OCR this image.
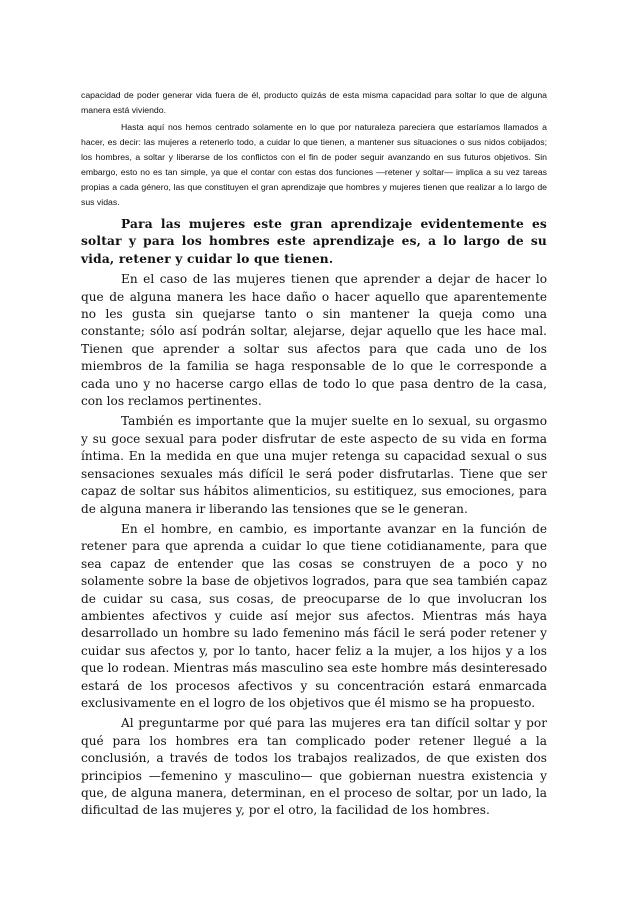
capacidad de poder generar vida fuera de él, producto quizás de esta misma capacidad para soltar lo que de alguna manera está viviendo.

Hasta aquí nos hemos centrado solamente en lo que por naturaleza pareciera que estaríamos llamados a hacer, es decir: las mujeres a retenerlo todo, a cuidar lo que tienen, a mantener sus situaciones o sus nidos cobijados; los hombres, a soltar y liberarse de los conflictos con el fin de poder seguir avanzando en sus futuros objetivos. Sin embargo, esto no es tan simple, ya que el contar con estas dos funciones —retener y soltar— implica a su vez tareas propias a cada género, las que constituyen el gran aprendizaje que hombres y mujeres tienen que realizar a lo largo de sus vidas.

Para las mujeres este gran aprendizaje evidentemente es soltar y para los hombres este aprendizaje es, a lo largo de su vida, retener y cuidar lo que tienen.

En el caso de las mujeres tienen que aprender a dejar de hacer lo que de alguna manera les hace daño o hacer aquello que aparentemente no les gusta sin quejarse tanto o sin mantener la queja como una constante; sólo así podrán soltar, alejarse, dejar aquello que les hace mal. Tienen que aprender a soltar sus afectos para que cada uno de los miembros de la familia se haga responsable de lo que le corresponde a cada uno y no hacerse cargo ellas de todo lo que pasa dentro de la casa, con los reclamos pertinentes.

También es importante que la mujer suelte en lo sexual, su orgasmo y su goce sexual para poder disfrutar de este aspecto de su vida en forma íntima. En la medida en que una mujer retenga su capacidad sexual o sus sensaciones sexuales más difícil le será poder disfrutarlas. Tiene que ser capaz de soltar sus hábitos alimenticios, su estitiquez, sus emociones, para de alguna manera ir liberando las tensiones que se le generan.

En el hombre, en cambio, es importante avanzar en la función de retener para que aprenda a cuidar lo que tiene cotidianamente, para que sea capaz de entender que las cosas se construyen de a poco y no solamente sobre la base de objetivos logrados, para que sea también capaz de cuidar su casa, sus cosas, de preocuparse de lo que involucran los ambientes afectivos y cuide así mejor sus afectos. Mientras más haya desarrollado un hombre su lado femenino más fácil le será poder retener y cuidar sus afectos y, por lo tanto, hacer feliz a la mujer, a los hijos y a los que lo rodean. Mientras más masculino sea este hombre más desinteresado estará de los procesos afectivos y su concentración estará enmarcada exclusivamente en el logro de los objetivos que él mismo se ha propuesto.

Al preguntarme por qué para las mujeres era tan difícil soltar y por qué para los hombres era tan complicado poder retener llegué a la conclusión, a través de todos los trabajos realizados, de que existen dos principios —femenino y masculino— que gobiernan nuestra existencia y que, de alguna manera, determinan, en el proceso de soltar, por un lado, la dificultad de las mujeres y, por el otro, la facilidad de los hombres.
